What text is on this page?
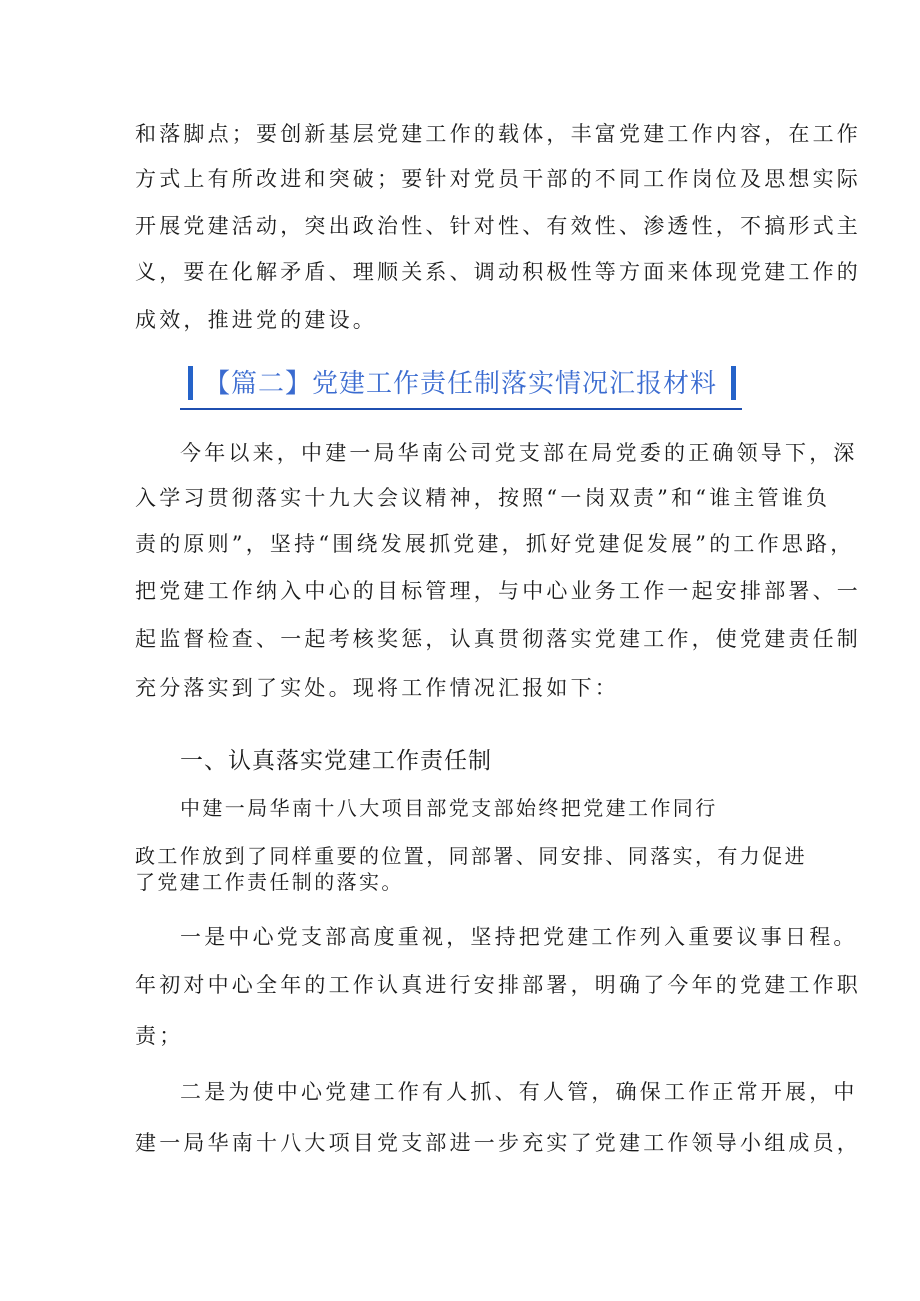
和落脚点；要创新基层党建工作的载体，丰富党建工作内容，在工作
方式上有所改进和突破；要针对党员干部的不同工作岗位及思想实际
开展党建活动，突出政治性、针对性、有效性、渗透性，不搞形式主
义，要在化解矛盾、理顺关系、调动积极性等方面来体现党建工作的
成效，推进党的建设。
【篇二】党建工作责任制落实情况汇报材料
今年以来，中建一局华南公司党支部在局党委的正确领导下，深
入学习贯彻落实十九大会议精神，按照“一岗双责”和“谁主管谁负
责的原则”，坚持“围绕发展抓党建，抓好党建促发展”的工作思路，
把党建工作纳入中心的目标管理，与中心业务工作一起安排部署、一
起监督检查、一起考核奖惩，认真贯彻落实党建工作，使党建责任制
充分落实到了实处。现将工作情况汇报如下：
一、认真落实党建工作责任制
中建一局华南十八大项目部党支部始终把党建工作同行
政工作放到了同样重要的位置，同部署、同安排、同落实，有力促进
了党建工作责任制的落实。
一是中心党支部高度重视，坚持把党建工作列入重要议事日程。
年初对中心全年的工作认真进行安排部署，明确了今年的党建工作职
责；
二是为使中心党建工作有人抓、有人管，确保工作正常开展，中
建一局华南十八大项目党支部进一步充实了党建工作领导小组成员，
